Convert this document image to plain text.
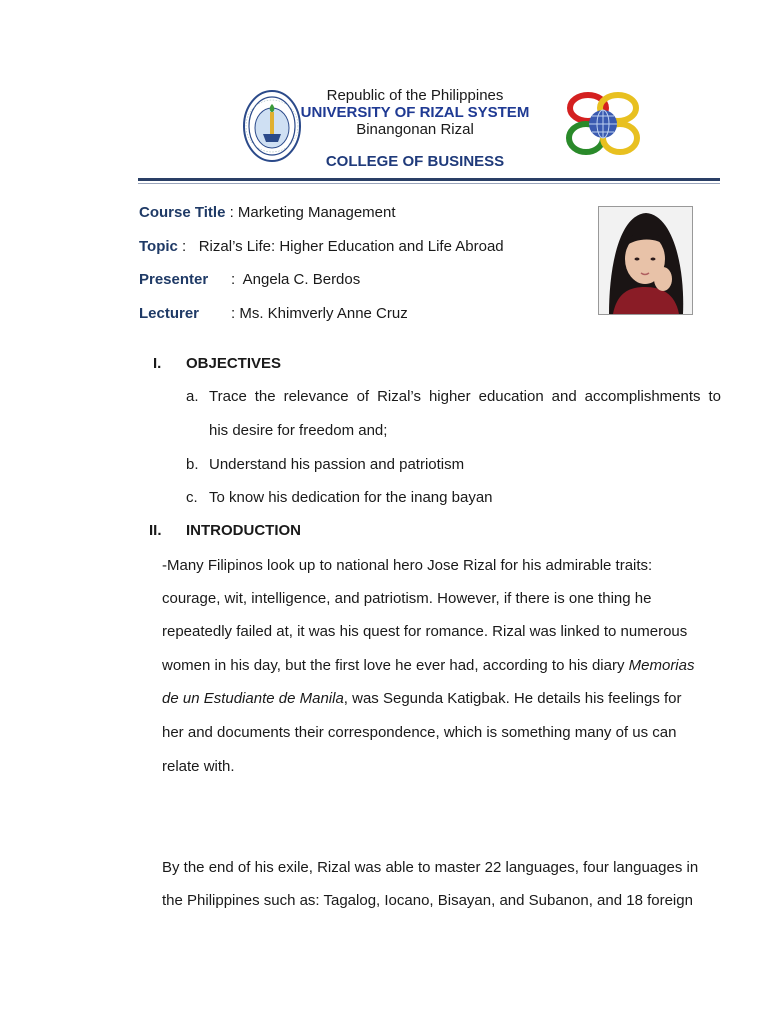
Republic of the Philippines
UNIVERSITY OF RIZAL SYSTEM
Binangonan Rizal
COLLEGE OF BUSINESS
Course Title : Marketing Management
Topic :   Rizal’s Life: Higher Education and Life Abroad
Presenter :  Angela C. Berdos
Lecturer : Ms. Khimverly Anne Cruz
I. OBJECTIVES
a. Trace the relevance of Rizal’s higher education and accomplishments to
his desire for freedom and;
b. Understand his passion and patriotism
c. To know his dedication for the inang bayan
II. INTRODUCTION
-Many Filipinos look up to national hero Jose Rizal for his admirable traits:
courage, wit, intelligence, and patriotism. However, if there is one thing he
repeatedly failed at, it was his quest for romance. Rizal was linked to numerous
women in his day, but the first love he ever had, according to his diary Memorias
de un Estudiante de Manila, was Segunda Katigbak. He details his feelings for
her and documents their correspondence, which is something many of us can
relate with.
By the end of his exile, Rizal was able to master 22 languages, four languages in
the Philippines such as: Tagalog, Iocano, Bisayan, and Subanon, and 18 foreign
